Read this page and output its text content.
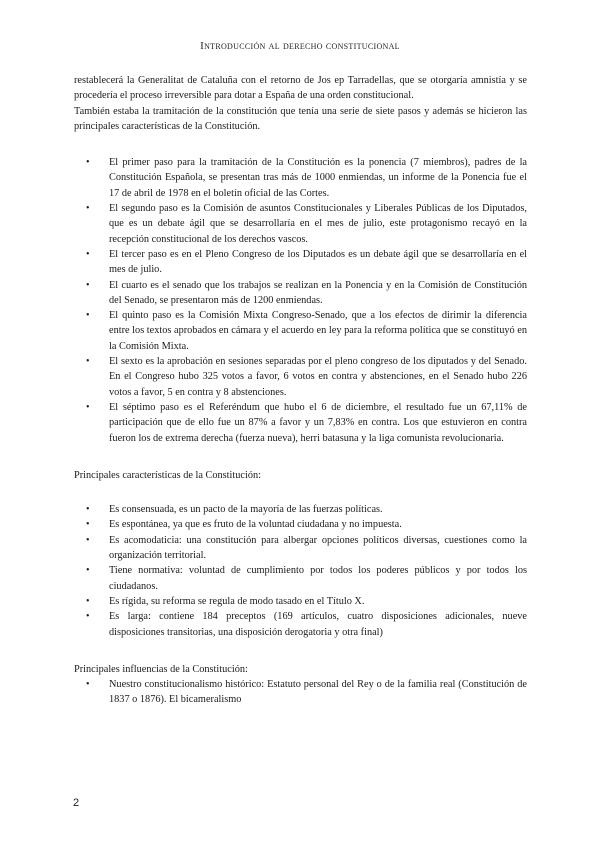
Introducción al derecho constitucional

restablecerá la Generalitat de Cataluña con el retorno de Jos ep Tarradellas, que se otorgaría amnistía y se procedería el proceso irreversible para dotar a España de una orden constitucional.

También estaba la tramitación de la constitución que tenía una serie de siete pasos y además se hicieron las principales características de la Constitución.

• El primer paso para la tramitación de la Constitución es la ponencia (7 miembros), padres de la Constitución Española, se presentan tras más de 1000 enmiendas, un informe de la Ponencia fue el 17 de abril de 1978 en el boletín oficial de las Cortes.
• El segundo paso es la Comisión de asuntos Constitucionales y Liberales Públicas de los Diputados, que es un debate ágil que se desarrollaría en el mes de julio, este protagonismo recayó en la recepción constitucional de los derechos vascos.
• El tercer paso es en el Pleno Congreso de los Diputados es un debate ágil que se desarrollaría en el mes de julio.
• El cuarto es el senado que los trabajos se realizan en la Ponencia y en la Comisión de Constitución del Senado, se presentaron más de 1200 enmiendas.
• El quinto paso es la Comisión Mixta Congreso-Senado, que a los efectos de dirimir la diferencia entre los textos aprobados en cámara y el acuerdo en ley para la reforma política que se constituyó en la Comisión Mixta.
• El sexto es la aprobación en sesiones separadas por el pleno congreso de los diputados y del Senado. En el Congreso hubo 325 votos a favor, 6 votos en contra y abstenciones, en el Senado hubo 226 votos a favor, 5 en contra y 8 abstenciones.
• El séptimo paso es el Referéndum que hubo el 6 de diciembre, el resultado fue un 67,11% de participación que de ello fue un 87% a favor y un 7,83% en contra. Los que estuvieron en contra fueron los de extrema derecha (fuerza nueva), herri batasuna y la liga comunista revolucionaria.

Principales características de la Constitución:

• Es consensuada, es un pacto de la mayoría de las fuerzas políticas.
• Es espontánea, ya que es fruto de la voluntad ciudadana y no impuesta.
• Es acomodaticia: una constitución para albergar opciones políticos diversas, cuestiones como la organización territorial.
• Tiene normativa: voluntad de cumplimiento por todos los poderes públicos y por todos los ciudadanos.
• Es rígida, su reforma se regula de modo tasado en el Título X.
• Es larga: contiene 184 preceptos (169 artículos, cuatro disposiciones adicionales, nueve disposiciones transitorias, una disposición derogatoria y otra final)

Principales influencias de la Constitución:

• Nuestro constitucionalismo histórico: Estatuto personal del Rey o de la familia real (Constitución de 1837 o 1876). El bicameralismo
2
